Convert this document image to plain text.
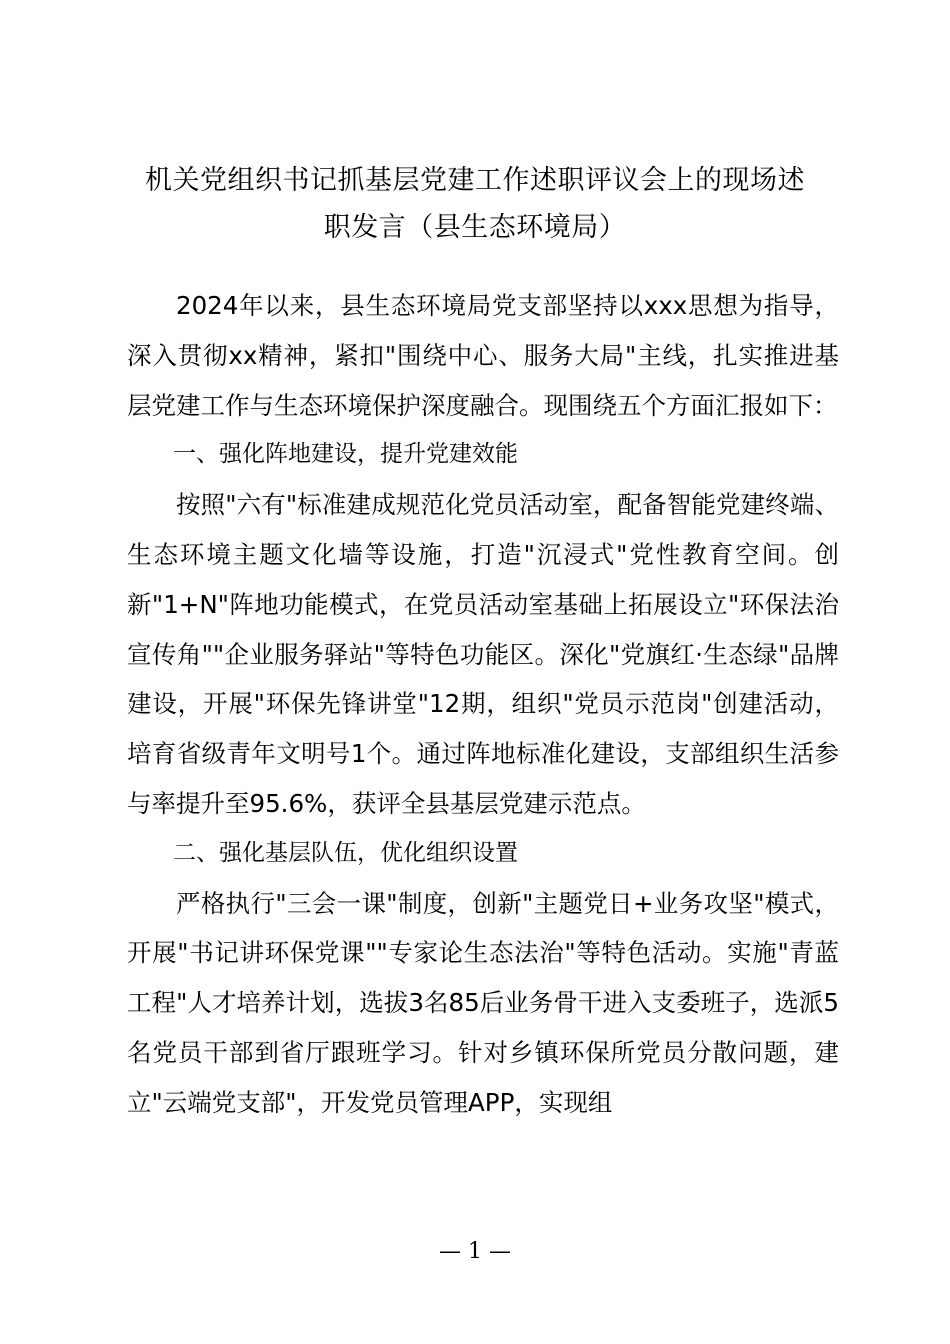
机关党组织书记抓基层党建工作述职评议会上的现场述
职发言（县生态环境局）

2024年以来，县生态环境局党支部坚持以xxx思想为指导，深入贯彻xx精神，紧扣"围绕中心、服务大局"主线，扎实推进基层党建工作与生态环境保护深度融合。现围绕五个方面汇报如下：

一、强化阵地建设，提升党建效能

按照"六有"标准建成规范化党员活动室，配备智能党建终端、生态环境主题文化墙等设施，打造"沉浸式"党性教育空间。创新"1+N"阵地功能模式，在党员活动室基础上拓展设立"环保法治宣传角""企业服务驿站"等特色功能区。深化"党旗红·生态绿"品牌建设，开展"环保先锋讲堂"12期，组织"党员示范岗"创建活动，培育省级青年文明号1个。通过阵地标准化建设，支部组织生活参与率提升至95.6%，获评全县基层党建示范点。

二、强化基层队伍，优化组织设置

严格执行"三会一课"制度，创新"主题党日+业务攻坚"模式，开展"书记讲环保党课""专家论生态法治"等特色活动。实施"青蓝工程"人才培养计划，选拔3名85后业务骨干进入支委班子，选派5名党员干部到省厅跟班学习。针对乡镇环保所党员分散问题，建立"云端党支部"，开发党员管理APP，实现组

— 1 —
